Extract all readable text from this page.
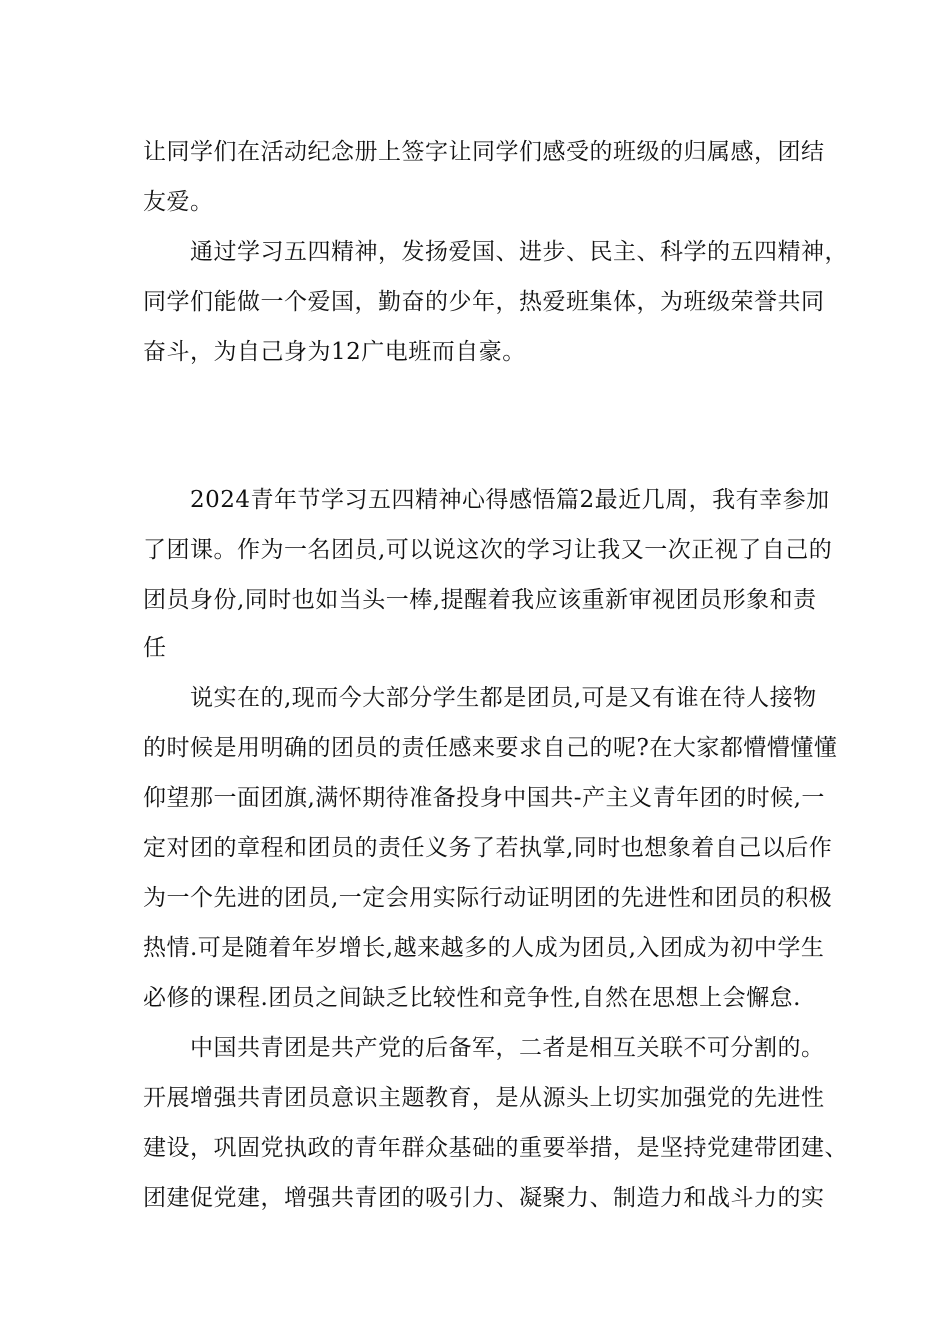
让同学们在活动纪念册上签字让同学们感受的班级的归属感，团结
友爱。
通过学习五四精神，发扬爱国、进步、民主、科学的五四精神，
同学们能做一个爱国，勤奋的少年，热爱班集体，为班级荣誉共同
奋斗，为自己身为12广电班而自豪。
2024青年节学习五四精神心得感悟篇2最近几周，我有幸参加
了团课。作为一名团员,可以说这次的学习让我又一次正视了自己的
团员身份,同时也如当头一棒,提醒着我应该重新审视团员形象和责
任
说实在的,现而今大部分学生都是团员,可是又有谁在待人接物
的时候是用明确的团员的责任感来要求自己的呢?在大家都懵懵懂懂
仰望那一面团旗,满怀期待准备投身中国共-产主义青年团的时候,一
定对团的章程和团员的责任义务了若执掌,同时也想象着自己以后作
为一个先进的团员,一定会用实际行动证明团的先进性和团员的积极
热情.可是随着年岁增长,越来越多的人成为团员,入团成为初中学生
必修的课程.团员之间缺乏比较性和竞争性,自然在思想上会懈怠.
中国共青团是共产党的后备军，二者是相互关联不可分割的。
开展增强共青团员意识主题教育，是从源头上切实加强党的先进性
建设，巩固党执政的青年群众基础的重要举措，是坚持党建带团建、
团建促党建，增强共青团的吸引力、凝聚力、制造力和战斗力的实
